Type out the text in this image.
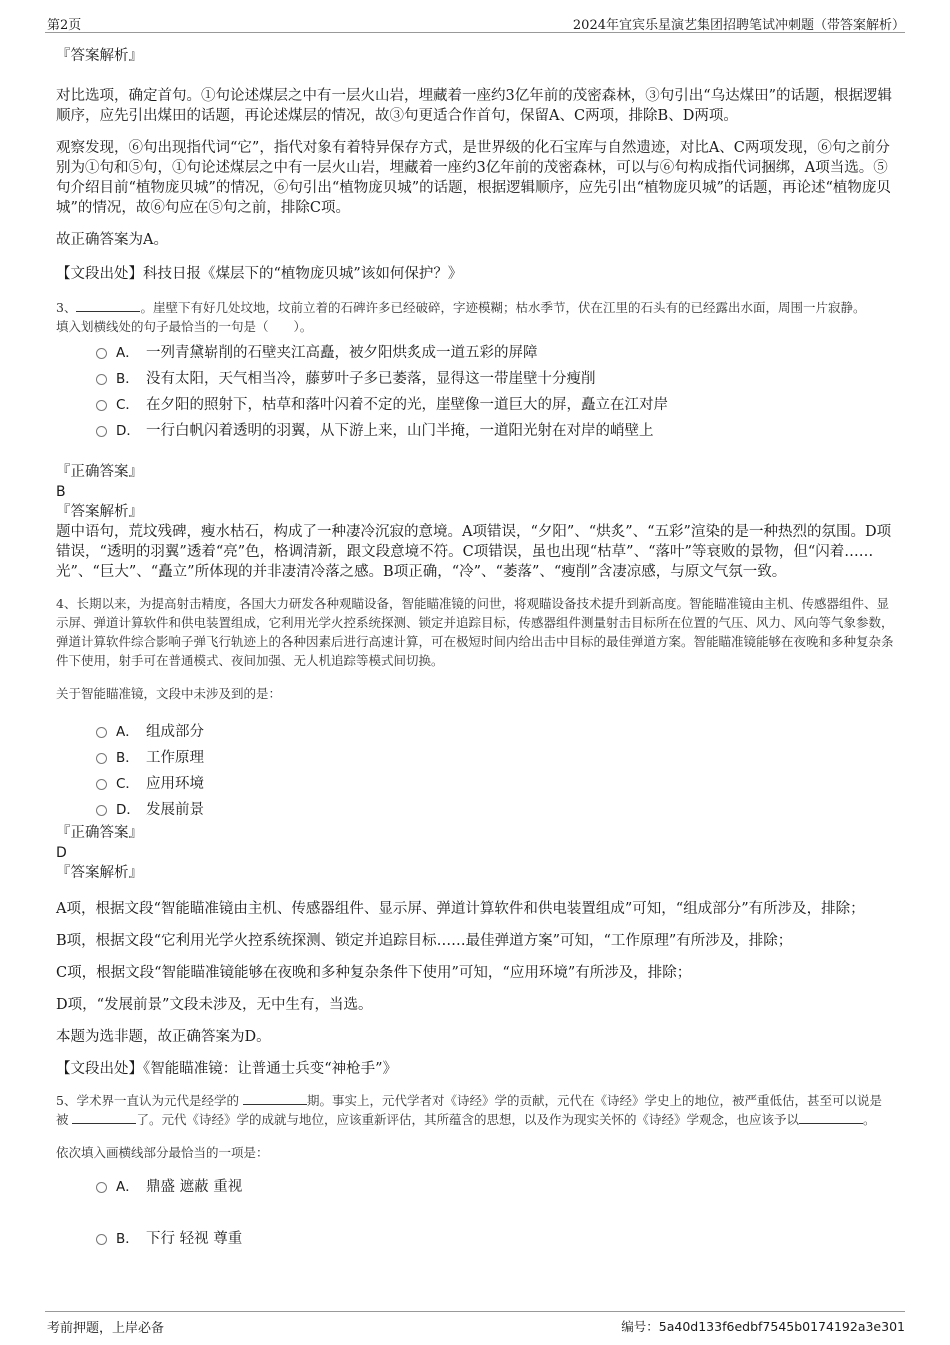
第2页	2024年宜宾乐星演艺集团招聘笔试冲刺题（带答案解析）

『答案解析』

对比选项，确定首句。①句论述煤层之中有一层火山岩，埋藏着一座约3亿年前的茂密森林，③句引出“乌达煤田”的话题，根据逻辑顺序，应先引出煤田的话题，再论述煤层的情况，故③句更适合作首句，保留A、C两项，排除B、D两项。

观察发现，⑥句出现指代词“它”，指代对象有着特异保存方式，是世界级的化石宝库与自然遗迹，对比A、C两项发现，⑥句之前分别为①句和⑤句，①句论述煤层之中有一层火山岩，埋藏着一座约3亿年前的茂密森林，可以与⑥句构成指代词捆绑，A项当选。⑤句介绍目前“植物庞贝城”的情况，⑥句引出“植物庞贝城”的话题，根据逻辑顺序，应先引出“植物庞贝城”的话题，再论述“植物庞贝城”的情况，故⑥句应在⑤句之前，排除C项。

故正确答案为A。

【文段出处】科技日报《煤层下的“植物庞贝城”该如何保护？》

3、	。崖壁下有好几处坟地，坟前立着的石碑许多已经破碎，字迹模糊；枯水季节，伏在江里的石头有的已经露出水面，周围一片寂静。

填入划横线处的句子最恰当的一句是（　　）。

A． 一列青黛崭削的石壁夹江高矗，被夕阳烘炙成一道五彩的屏障
B． 没有太阳，天气相当冷，藤萝叶子多已萎落，显得这一带崖壁十分瘦削
C． 在夕阳的照射下，枯草和落叶闪着不定的光，崖壁像一道巨大的屏，矗立在江对岸
D． 一行白帆闪着透明的羽翼，从下游上来，山门半掩，一道阳光射在对岸的峭壁上

『正确答案』

B

『答案解析』

题中语句，荒坟残碑，瘦水枯石，构成了一种凄冷沉寂的意境。A项错误，“夕阳”、“烘炙”、“五彩”渲染的是一种热烈的氛围。D项错误，“透明的羽翼”透着“亮”色，格调清新，跟文段意境不符。C项错误，虽也出现“枯草”、“落叶”等衰败的景物，但“闪着……光”、“巨大”、“矗立”所体现的并非凄清冷落之感。B项正确，“冷”、“萎落”、“瘦削”含凄凉感，与原文气氛一致。

4、长期以来，为提高射击精度，各国大力研发各种观瞄设备，智能瞄准镜的问世，将观瞄设备技术提升到新高度。智能瞄准镜由主机、传感器组件、显示屏、弹道计算软件和供电装置组成，它利用光学火控系统探测、锁定并追踪目标，传感器组件测量射击目标所在位置的气压、风力、风向等气象参数，弹道计算软件综合影响子弹飞行轨迹上的各种因素后进行高速计算，可在极短时间内给出击中目标的最佳弹道方案。智能瞄准镜能够在夜晚和多种复杂条件下使用，射手可在普通模式、夜间加强、无人机追踪等模式间切换。

关于智能瞄准镜，文段中未涉及到的是：

A． 组成部分
B． 工作原理
C． 应用环境
D． 发展前景

『正确答案』

D

『答案解析』

A项，根据文段“智能瞄准镜由主机、传感器组件、显示屏、弹道计算软件和供电装置组成”可知，“组成部分”有所涉及，排除；

B项，根据文段“它利用光学火控系统探测、锁定并追踪目标……最佳弹道方案”可知，“工作原理”有所涉及，排除；

C项，根据文段“智能瞄准镜能够在夜晚和多种复杂条件下使用”可知，“应用环境”有所涉及，排除；

D项，“发展前景”文段未涉及，无中生有，当选。

本题为选非题，故正确答案为D。

【文段出处】《智能瞄准镜：让普通士兵变“神枪手”》

5、学术界一直认为元代是经学的	期。事实上，元代学者对《诗经》学的贡献，元代在《诗经》学史上的地位，被严重低估，甚至可以说是被	了。元代《诗经》学的成就与地位，应该重新评估，其所蕴含的思想，以及作为现实关怀的《诗经》学观念，也应该予以	。

依次填入画横线部分最恰当的一项是：

A． 鼎盛 遮蔽 重视
B． 下行 轻视 尊重
考前押题，上岸必备	编号：5a40d133f6edbf7545b0174192a3e301
